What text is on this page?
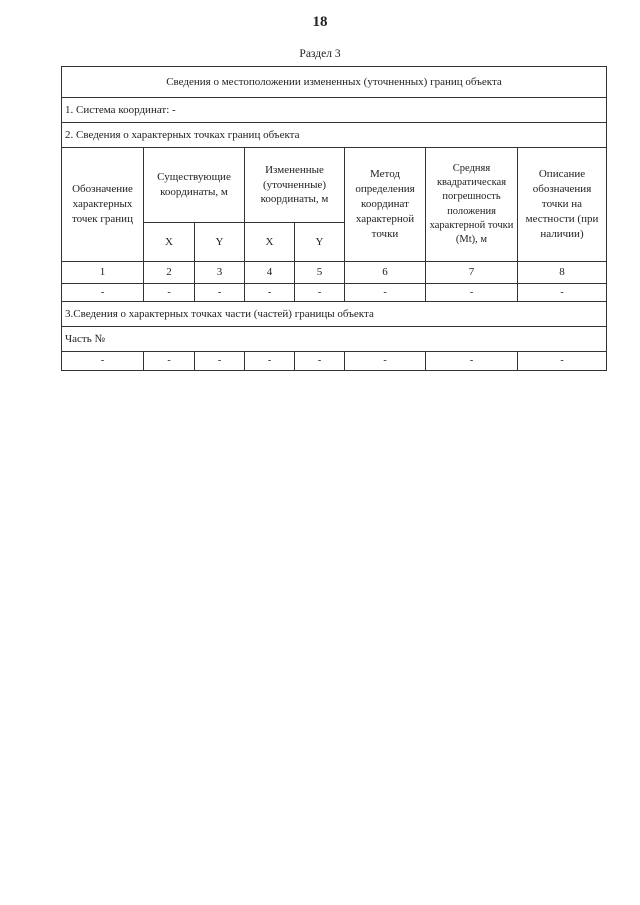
18
Раздел 3
Сведения о местоположении измененных (уточненных) границ объекта							
1. Система координат: -							
2. Сведения о характерных точках границ объекта							
Обозначение характерных точек границ	Существующие координаты, м		Измененные (уточненные) координаты, м		Метод определения координат характерной точки	Средняя квадратическая погрешность положения характерной точки (Mt), м	Описание обозначения точки на местности (при наличии)
	X	Y	X	Y			
1	2	3	4	5	6	7	8
-	-	-	-	-	-	-	-
3.Сведения о характерных точках части (частей) границы объекта							
Часть №							
-	-	-	-	-	-	-	-
